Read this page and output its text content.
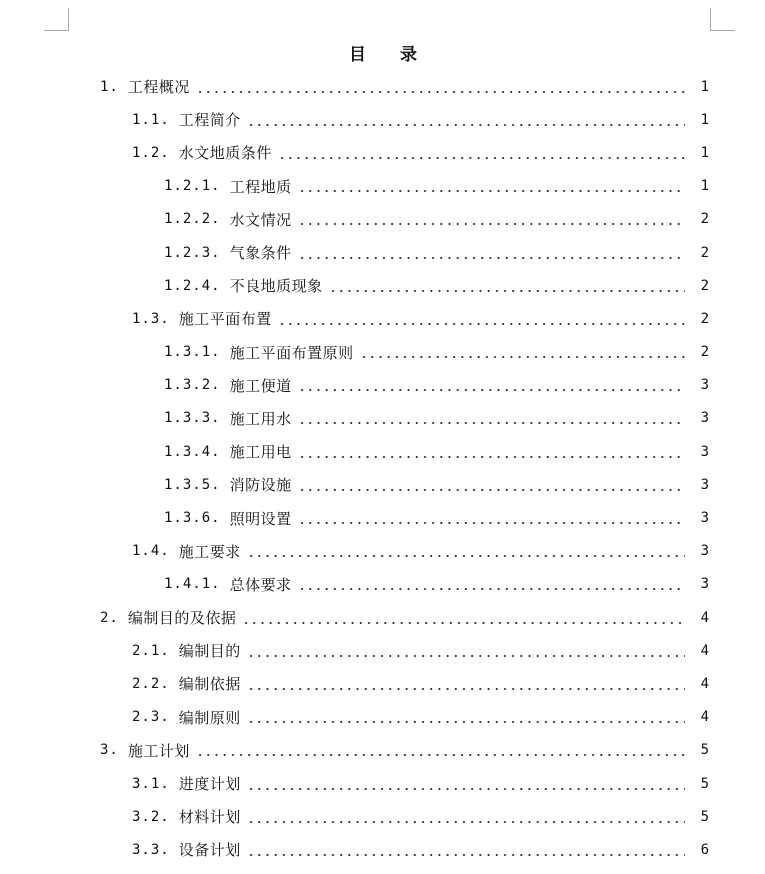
目 录
1. 工程概况	1
1.1. 工程简介	1
1.2. 水文地质条件	1
1.2.1. 工程地质	1
1.2.2. 水文情况	2
1.2.3. 气象条件	2
1.2.4. 不良地质现象	2
1.3. 施工平面布置	2
1.3.1. 施工平面布置原则	2
1.3.2. 施工便道	3
1.3.3. 施工用水	3
1.3.4. 施工用电	3
1.3.5. 消防设施	3
1.3.6. 照明设置	3
1.4. 施工要求	3
1.4.1. 总体要求	3
2. 编制目的及依据	4
2.1. 编制目的	4
2.2. 编制依据	4
2.3. 编制原则	4
3. 施工计划	5
3.1. 进度计划	5
3.2. 材料计划	5
3.3. 设备计划	6
